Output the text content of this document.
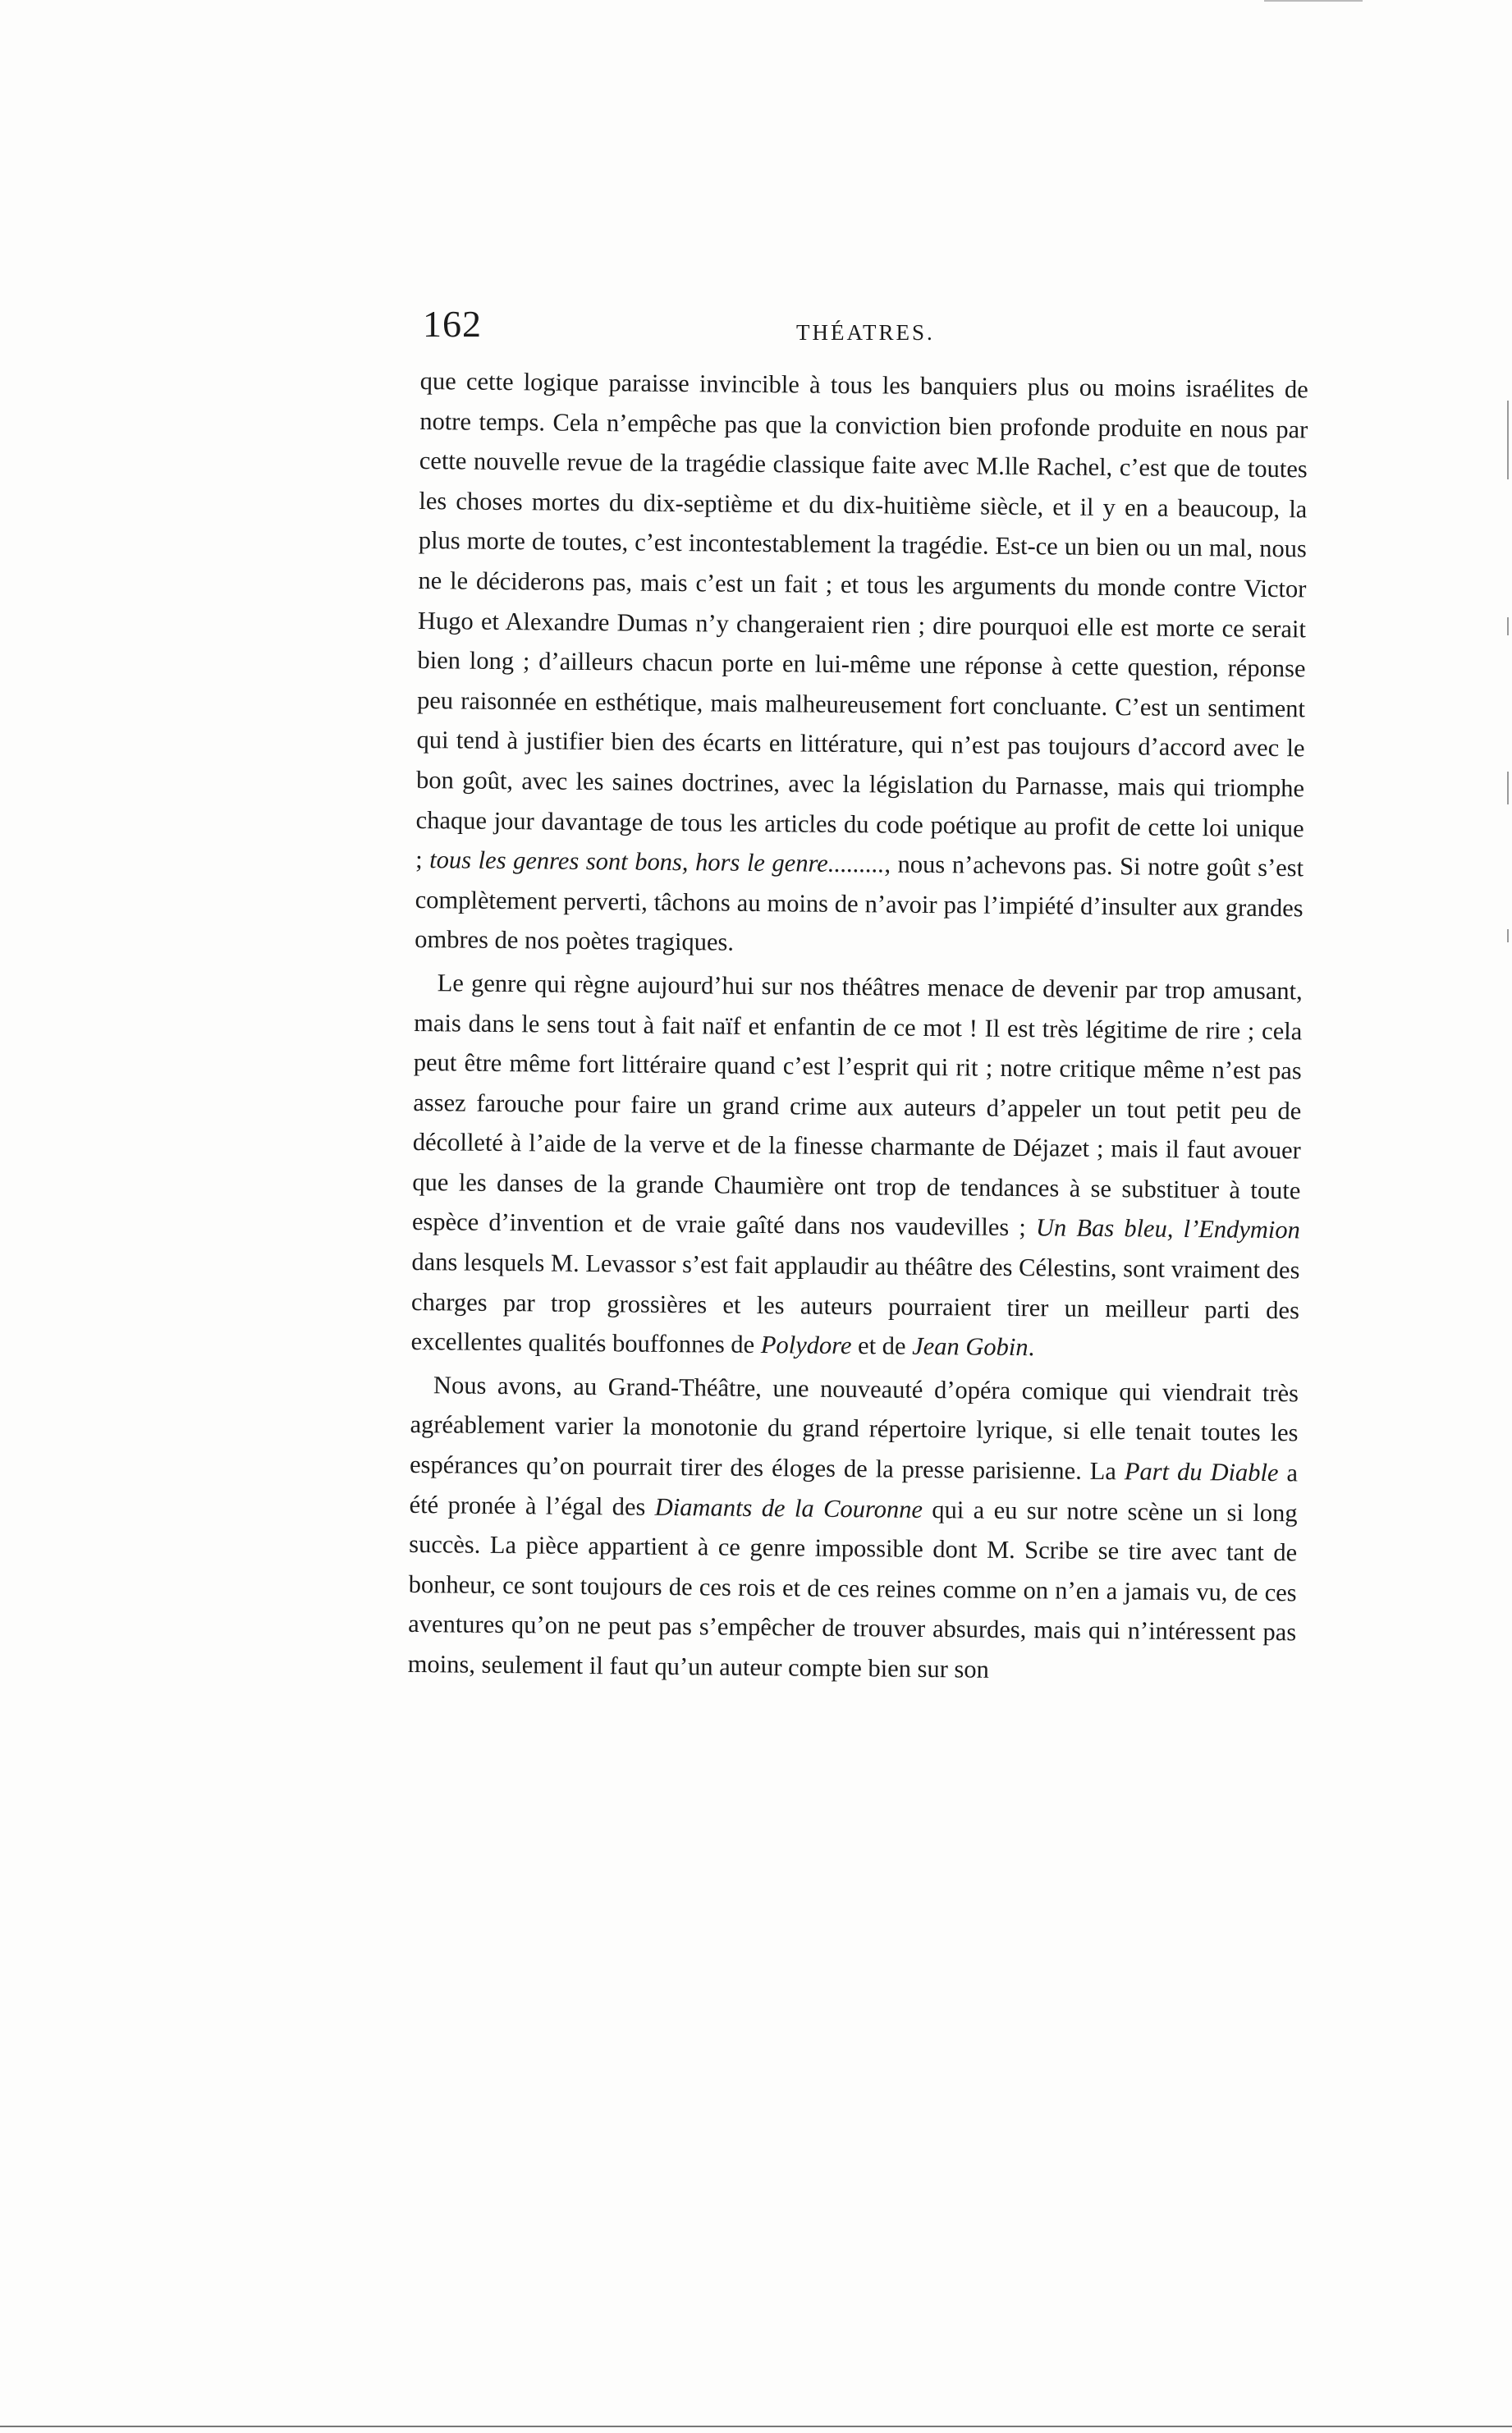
162	THÉATRES.

que cette logique paraisse invincible à tous les banquiers plus ou moins israélites de notre temps. Cela n’empêche pas que la conviction bien profonde produite en nous par cette nouvelle revue de la tragédie classique faite avec M.lle Rachel, c’est que de toutes les choses mortes du dix-septième et du dix-huitième siècle, et il y en a beaucoup, la plus morte de toutes, c’est incontestablement la tragédie. Est-ce un bien ou un mal, nous ne le déciderons pas, mais c’est un fait ; et tous les arguments du monde contre Victor Hugo et Alexandre Dumas n’y changeraient rien ; dire pourquoi elle est morte ce serait bien long ; d’ailleurs chacun porte en lui-même une réponse à cette question, réponse peu raisonnée en esthétique, mais malheureusement fort concluante. C’est un sentiment qui tend à justifier bien des écarts en littérature, qui n’est pas toujours d’accord avec le bon goût, avec les saines doctrines, avec la législation du Parnasse, mais qui triomphe chaque jour davantage de tous les articles du code poétique au profit de cette loi unique ; tous les genres sont bons, hors le genre........., nous n’achevons pas. Si notre goût s’est complètement perverti, tâchons au moins de n’avoir pas l’impiété d’insulter aux grandes ombres de nos poètes tragiques.

Le genre qui règne aujourd’hui sur nos théâtres menace de devenir par trop amusant, mais dans le sens tout à fait naïf et enfantin de ce mot ! Il est très légitime de rire ; cela peut être même fort littéraire quand c’est l’esprit qui rit ; notre critique même n’est pas assez farouche pour faire un grand crime aux auteurs d’appeler un tout petit peu de décolleté à l’aide de la verve et de la finesse charmante de Déjazet ; mais il faut avouer que les danses de la grande Chaumière ont trop de tendances à se substituer à toute espèce d’invention et de vraie gaîté dans nos vaudevilles ; Un Bas bleu, l’Endymion dans lesquels M. Levassor s’est fait applaudir au théâtre des Célestins, sont vraiment des charges par trop grossières et les auteurs pourraient tirer un meilleur parti des excellentes qualités bouffonnes de Polydore et de Jean Gobin.

Nous avons, au Grand-Théâtre, une nouveauté d’opéra comique qui viendrait très agréablement varier la monotonie du grand répertoire lyrique, si elle tenait toutes les espérances qu’on pourrait tirer des éloges de la presse parisienne. La Part du Diable a été pronée à l’égal des Diamants de la Couronne qui a eu sur notre scène un si long succès. La pièce appartient à ce genre impossible dont M. Scribe se tire avec tant de bonheur, ce sont toujours de ces rois et de ces reines comme on n’en a jamais vu, de ces aventures qu’on ne peut pas s’empêcher de trouver absurdes, mais qui n’intéressent pas moins, seulement il faut qu’un auteur compte bien sur son
